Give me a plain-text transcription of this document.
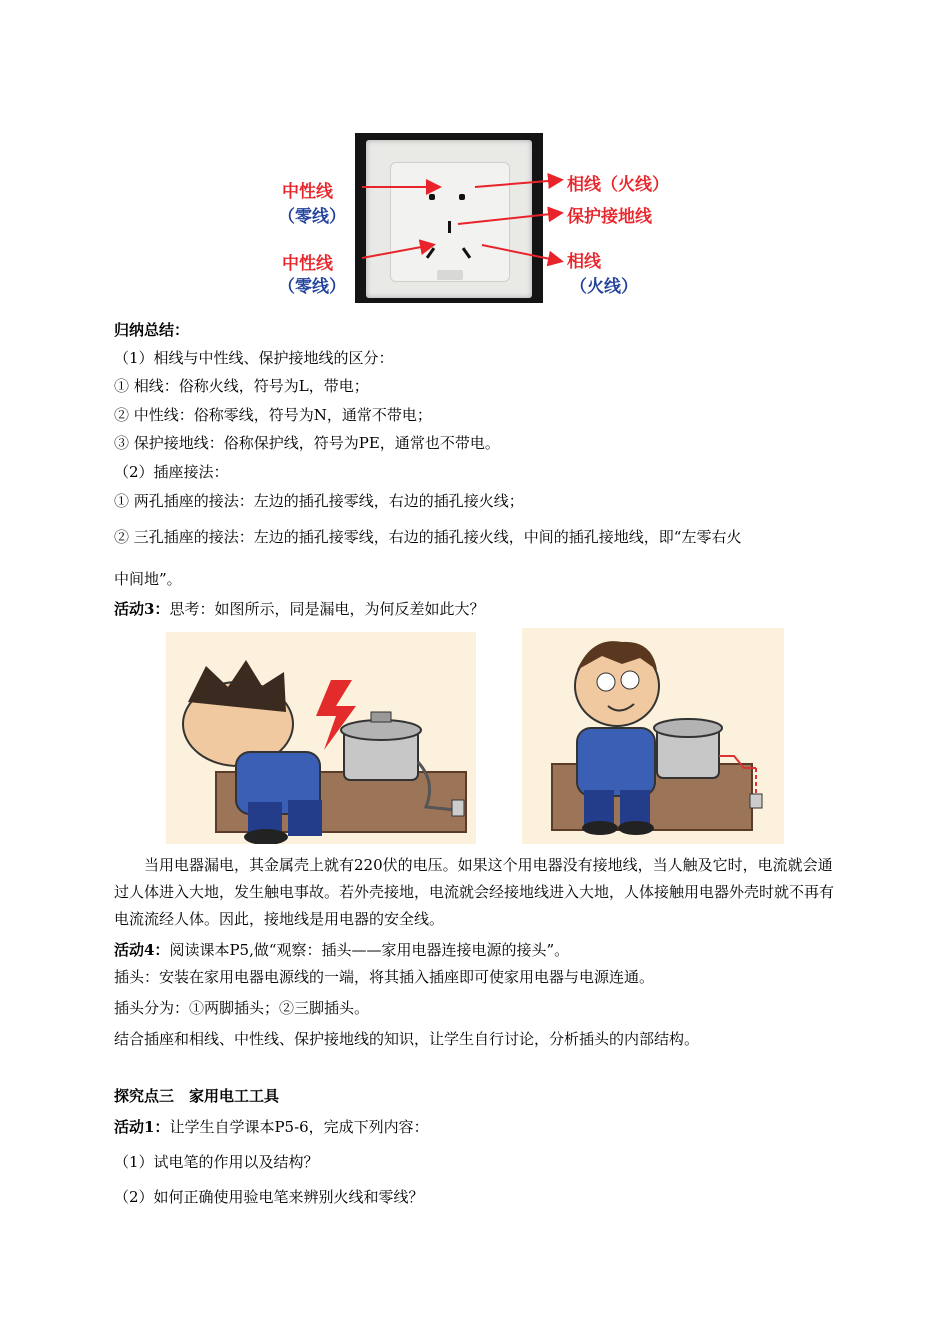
中性线
（零线）
中性线
（零线）
相线（火线）
保护接地线
相线
（火线）
归纳总结：
（1）相线与中性线、保护接地线的区分：
① 相线：俗称火线，符号为L，带电；
② 中性线：俗称零线，符号为N，通常不带电；
③ 保护接地线：俗称保护线，符号为PE，通常也不带电。
（2）插座接法：
① 两孔插座的接法：左边的插孔接零线，右边的插孔接火线；
② 三孔插座的接法：左边的插孔接零线，右边的插孔接火线，中间的插孔接地线，即“左零右火
中间地”。
活动3：思考：如图所示，同是漏电，为何反差如此大？
当用电器漏电，其金属壳上就有220伏的电压。如果这个用电器没有接地线，当人触及它时，电流就会通过人体进入大地，发生触电事故。若外壳接地，电流就会经接地线进入大地，人体接触用电器外壳时就不再有电流流经人体。因此，接地线是用电器的安全线。
活动4：阅读课本P5,做“观察：插头——家用电器连接电源的接头”。
插头：安装在家用电器电源线的一端，将其插入插座即可使家用电器与电源连通。
插头分为：①两脚插头；②三脚插头。
结合插座和相线、中性线、保护接地线的知识，让学生自行讨论，分析插头的内部结构。
探究点三　家用电工工具
活动1：让学生自学课本P5-6，完成下列内容：
（1）试电笔的作用以及结构？
（2）如何正确使用验电笔来辨别火线和零线？
